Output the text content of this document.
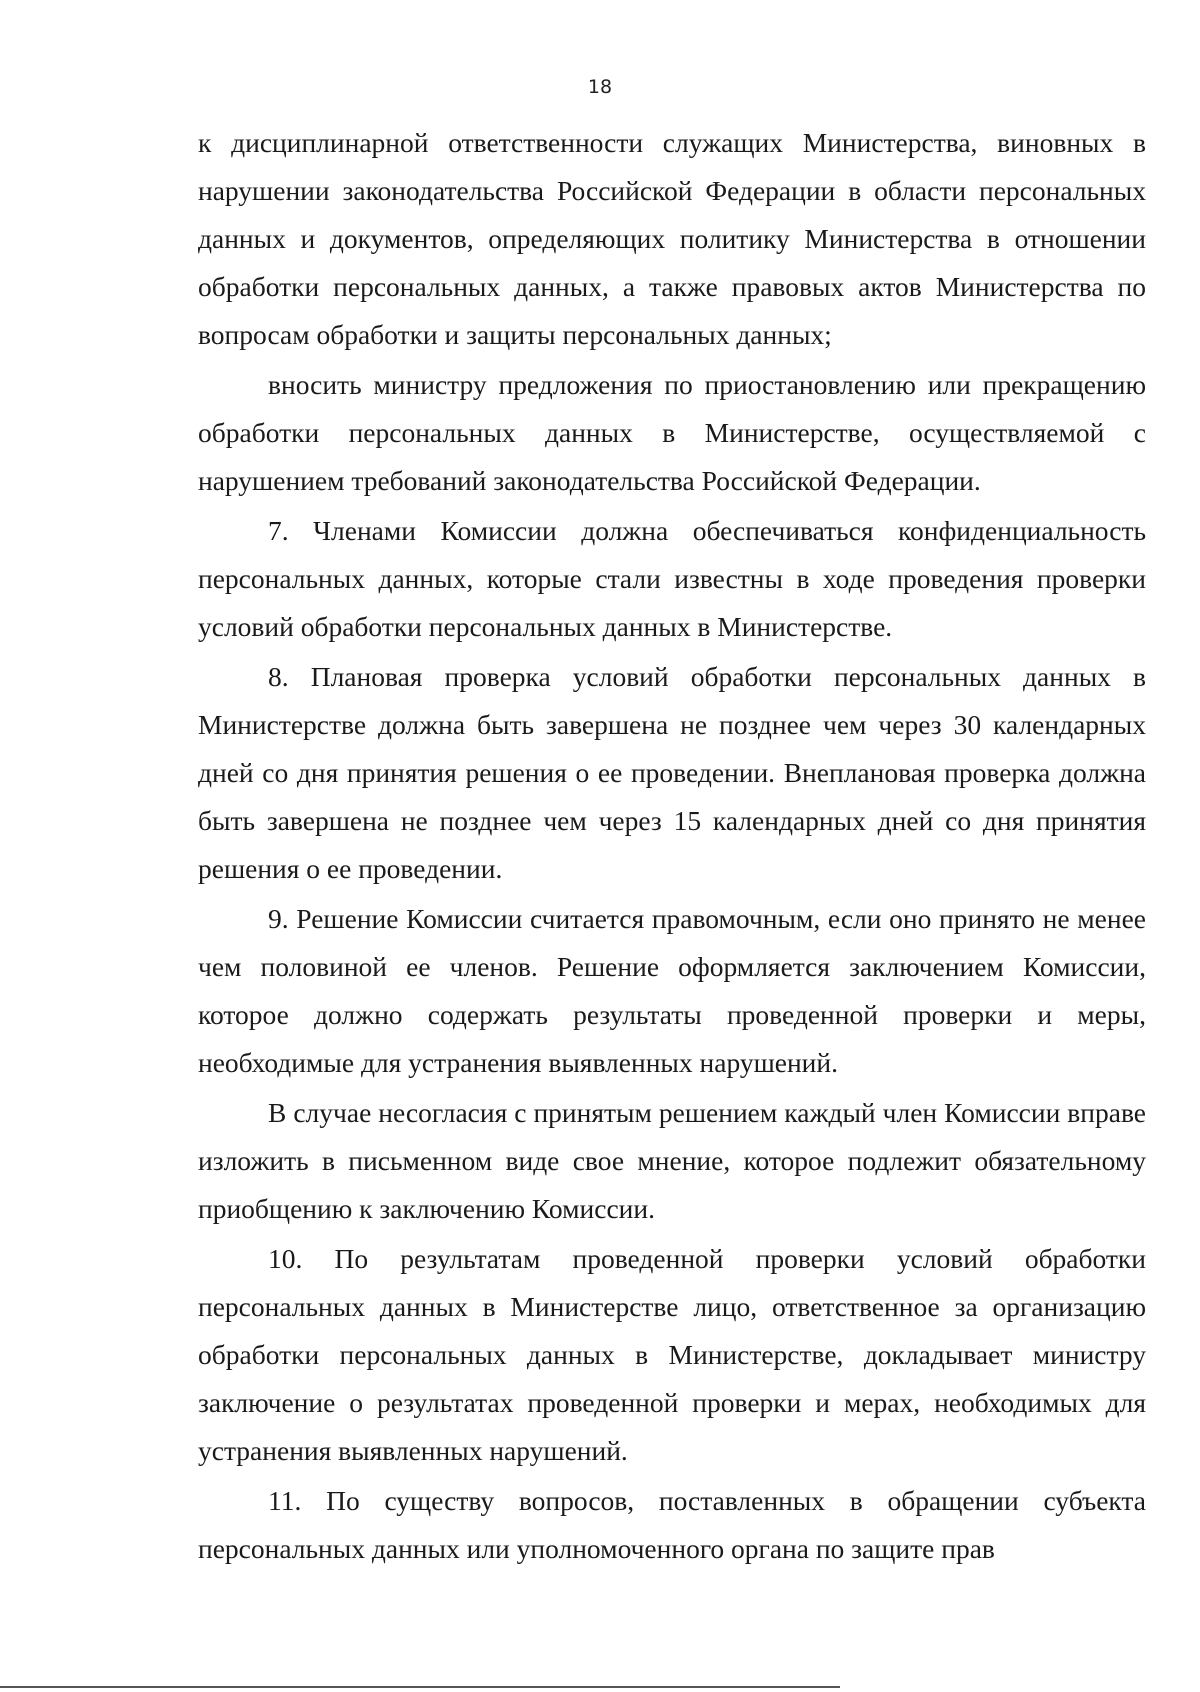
18

к дисциплинарной ответственности служащих Министерства, виновных в нарушении законодательства Российской Федерации в области персональных данных и документов, определяющих политику Министерства в отношении обработки персональных данных, а также правовых актов Министерства по вопросам обработки и защиты персональных данных;

вносить министру предложения по приостановлению или прекращению обработки персональных данных в Министерстве, осуществляемой с нарушением требований законодательства Российской Федерации.

7. Членами Комиссии должна обеспечиваться конфиденциальность персональных данных, которые стали известны в ходе проведения проверки условий обработки персональных данных в Министерстве.

8. Плановая проверка условий обработки персональных данных в Министерстве должна быть завершена не позднее чем через 30 календарных дней со дня принятия решения о ее проведении. Внеплановая проверка должна быть завершена не позднее чем через 15 календарных дней со дня принятия решения о ее проведении.

9. Решение Комиссии считается правомочным, если оно принято не менее чем половиной ее членов. Решение оформляется заключением Комиссии, которое должно содержать результаты проведенной проверки и меры, необходимые для устранения выявленных нарушений.

В случае несогласия с принятым решением каждый член Комиссии вправе изложить в письменном виде свое мнение, которое подлежит обязательному приобщению к заключению Комиссии.

10. По результатам проведенной проверки условий обработки персональных данных в Министерстве лицо, ответственное за организацию обработки персональных данных в Министерстве, докладывает министру заключение о результатах проведенной проверки и мерах, необходимых для устранения выявленных нарушений.

11. По существу вопросов, поставленных в обращении субъекта персональных данных или уполномоченного органа по защите прав
